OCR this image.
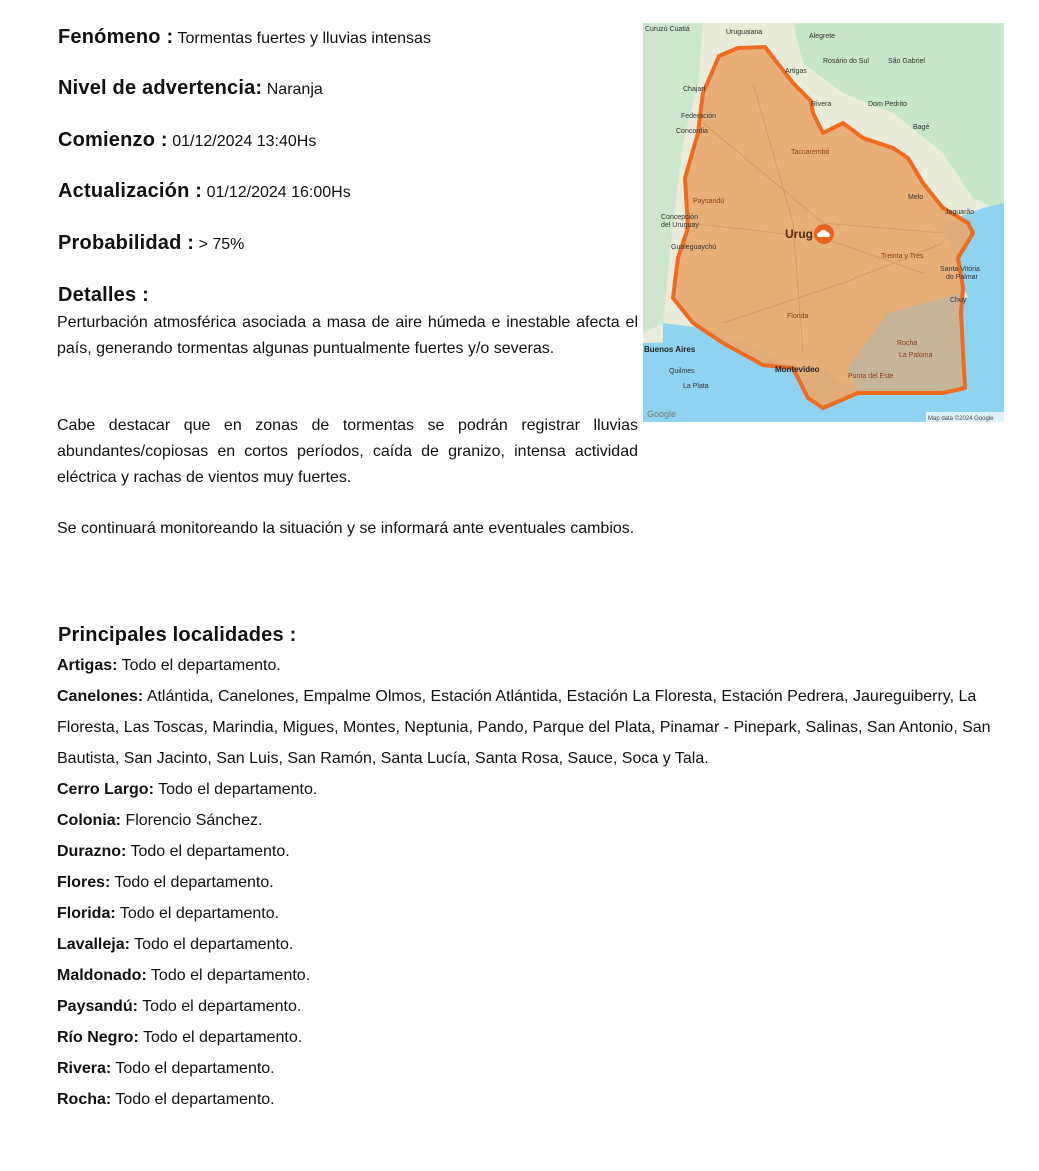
Fenómeno : Tormentas fuertes y lluvias intensas
Nivel de advertencia: Naranja
Comienzo : 01/12/2024 13:40Hs
Actualización : 01/12/2024 16:00Hs
Probabilidad : > 75%
Detalles :

Perturbación atmosférica asociada a masa de aire húmeda e inestable afecta el país, generando tormentas algunas puntualmente fuertes y/o severas.

Cabe destacar que en zonas de tormentas se podrán registrar lluvias abundantes/copiosas en cortos períodos, caída de granizo, intensa actividad eléctrica y rachas de vientos muy fuertes.

Se continuará monitoreando la situación y se informará ante eventuales cambios.

Curuzú Cuatiá	Uruguaiana
Alegrete
Rosário do Sul	São Gabriel
Artigas
Chajarí
Rivera	Dom Pedrito
Federación
Bagé
Concordia
Tacuarembó
Paysandú
Melo
Concepción
del Uruguay
Jaguarão
Gualeguaychú
Treinta y Tres
Santa Vitória
do Palmar
Chuy
Florida
Rocha
La Paloma
Quilmes
Punta del Este
La Plata
Urug
Buenos Aires
Montevideo
Google	Map data ©2024 Google
Principales localidades :
Artigas: Todo el departamento.
Canelones: Atlántida, Canelones, Empalme Olmos, Estación Atlántida, Estación La Floresta, Estación Pedrera, Jaureguiberry, La Floresta, Las Toscas, Marindia, Migues, Montes, Neptunia, Pando, Parque del Plata, Pinamar - Pinepark, Salinas, San Antonio, San Bautista, San Jacinto, San Luis, San Ramón, Santa Lucía, Santa Rosa, Sauce, Soca y Tala.
Cerro Largo: Todo el departamento.
Colonia: Florencio Sánchez.
Durazno: Todo el departamento.
Flores: Todo el departamento.
Florida: Todo el departamento.
Lavalleja: Todo el departamento.
Maldonado: Todo el departamento.
Paysandú: Todo el departamento.
Río Negro: Todo el departamento.
Rivera: Todo el departamento.
Rocha: Todo el departamento.
